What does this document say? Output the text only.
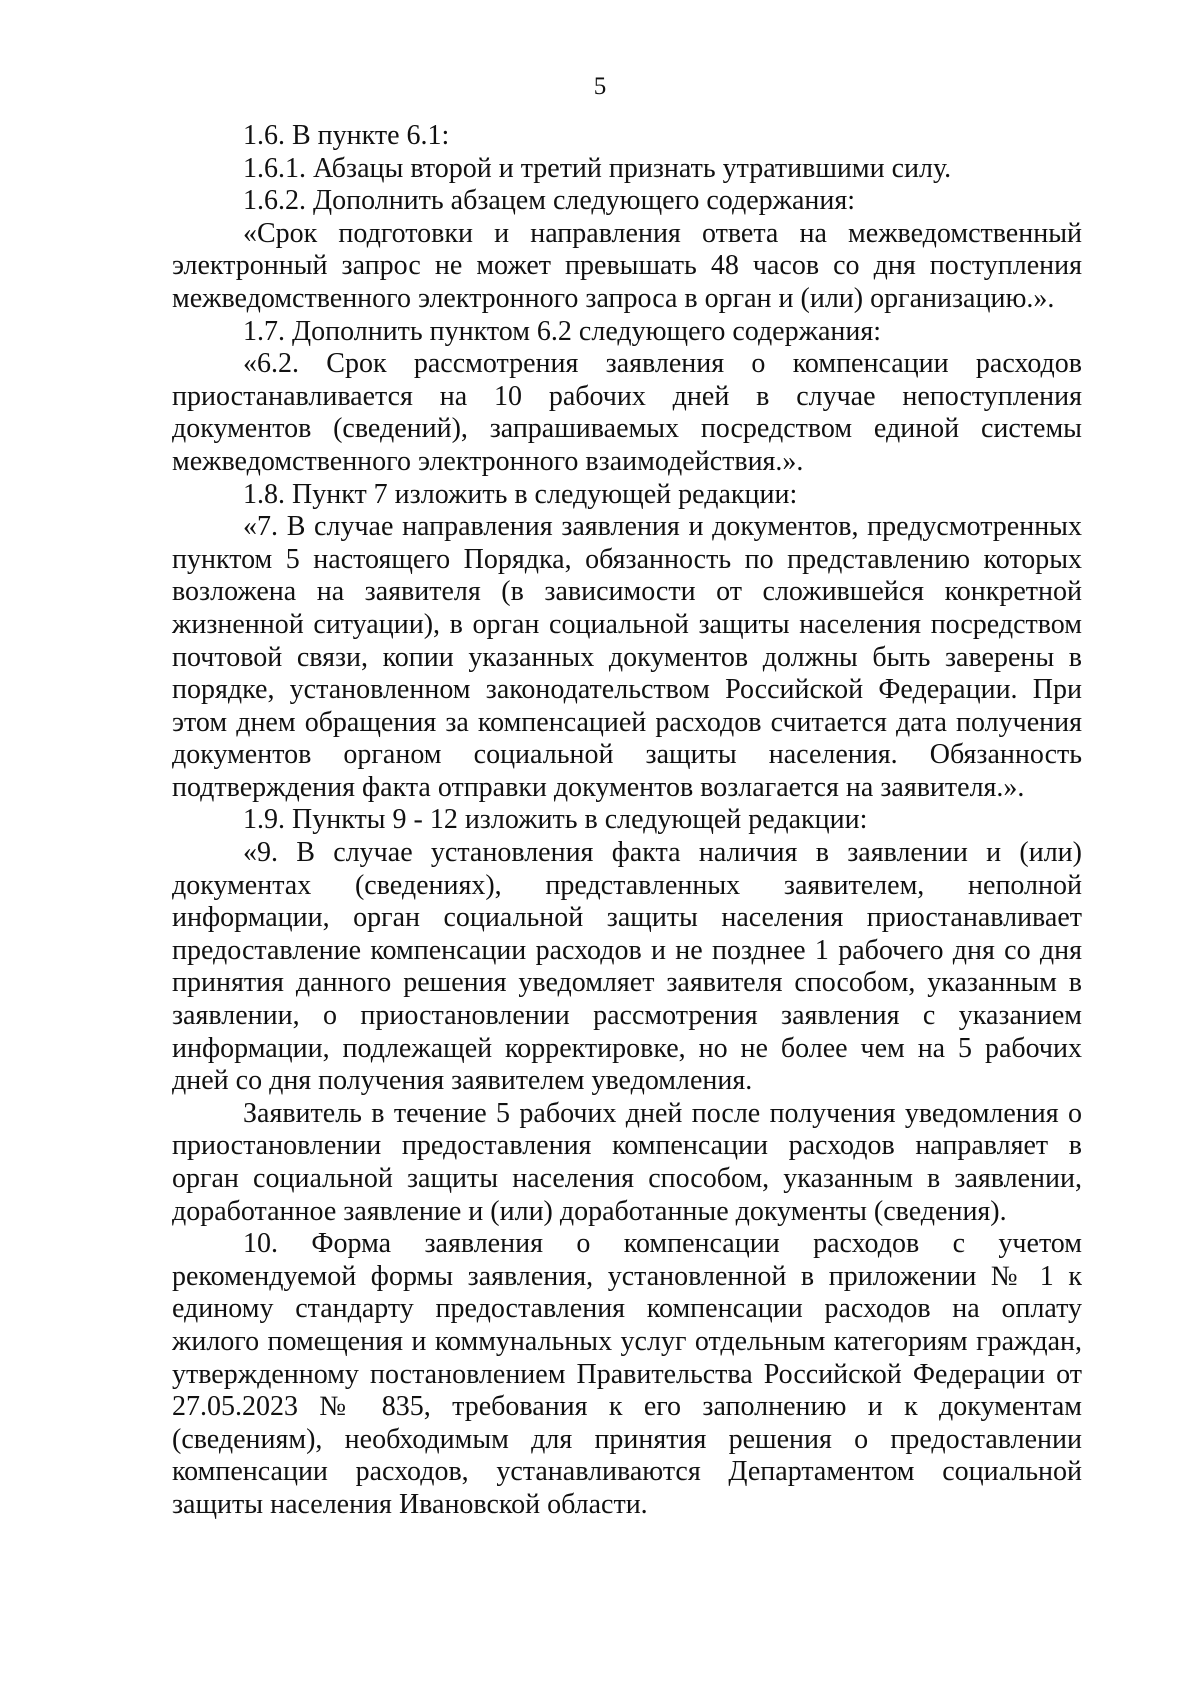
5

1.6. В пункте 6.1:

1.6.1. Абзацы второй и третий признать утратившими силу.

1.6.2. Дополнить абзацем следующего содержания:

«Срок подготовки и направления ответа на межведомственный электронный запрос не может превышать 48 часов со дня поступления межведомственного электронного запроса в орган и (или) организацию.».

1.7. Дополнить пунктом 6.2 следующего содержания:

«6.2. Срок рассмотрения заявления о компенсации расходов приостанавливается на 10 рабочих дней в случае непоступления документов (сведений), запрашиваемых посредством единой системы межведомственного электронного взаимодействия.».

1.8. Пункт 7 изложить в следующей редакции:

«7. В случае направления заявления и документов, предусмотренных пунктом 5 настоящего Порядка, обязанность по представлению которых возложена на заявителя (в зависимости от сложившейся конкретной жизненной ситуации), в орган социальной защиты населения посредством почтовой связи, копии указанных документов должны быть заверены в порядке, установленном законодательством Российской Федерации. При этом днем обращения за компенсацией расходов считается дата получения документов органом социальной защиты населения. Обязанность подтверждения факта отправки документов возлагается на заявителя.».

1.9. Пункты 9 - 12 изложить в следующей редакции:

«9. В случае установления факта наличия в заявлении и (или) документах (сведениях), представленных заявителем, неполной информации, орган социальной защиты населения приостанавливает предоставление компенсации расходов и не позднее 1 рабочего дня со дня принятия данного решения уведомляет заявителя способом, указанным в заявлении, о приостановлении рассмотрения заявления с указанием информации, подлежащей корректировке, но не более чем на 5 рабочих дней со дня получения заявителем уведомления.

Заявитель в течение 5 рабочих дней после получения уведомления о приостановлении предоставления компенсации расходов направляет в орган социальной защиты населения способом, указанным в заявлении, доработанное заявление и (или) доработанные документы (сведения).

10. Форма заявления о компенсации расходов с учетом рекомендуемой формы заявления, установленной в приложении № 1 к единому стандарту предоставления компенсации расходов на оплату жилого помещения и коммунальных услуг отдельным категориям граждан, утвержденному постановлением Правительства Российской Федерации от 27.05.2023 № 835, требования к его заполнению и к документам (сведениям), необходимым для принятия решения о предоставлении компенсации расходов, устанавливаются Департаментом социальной защиты населения Ивановской области.
